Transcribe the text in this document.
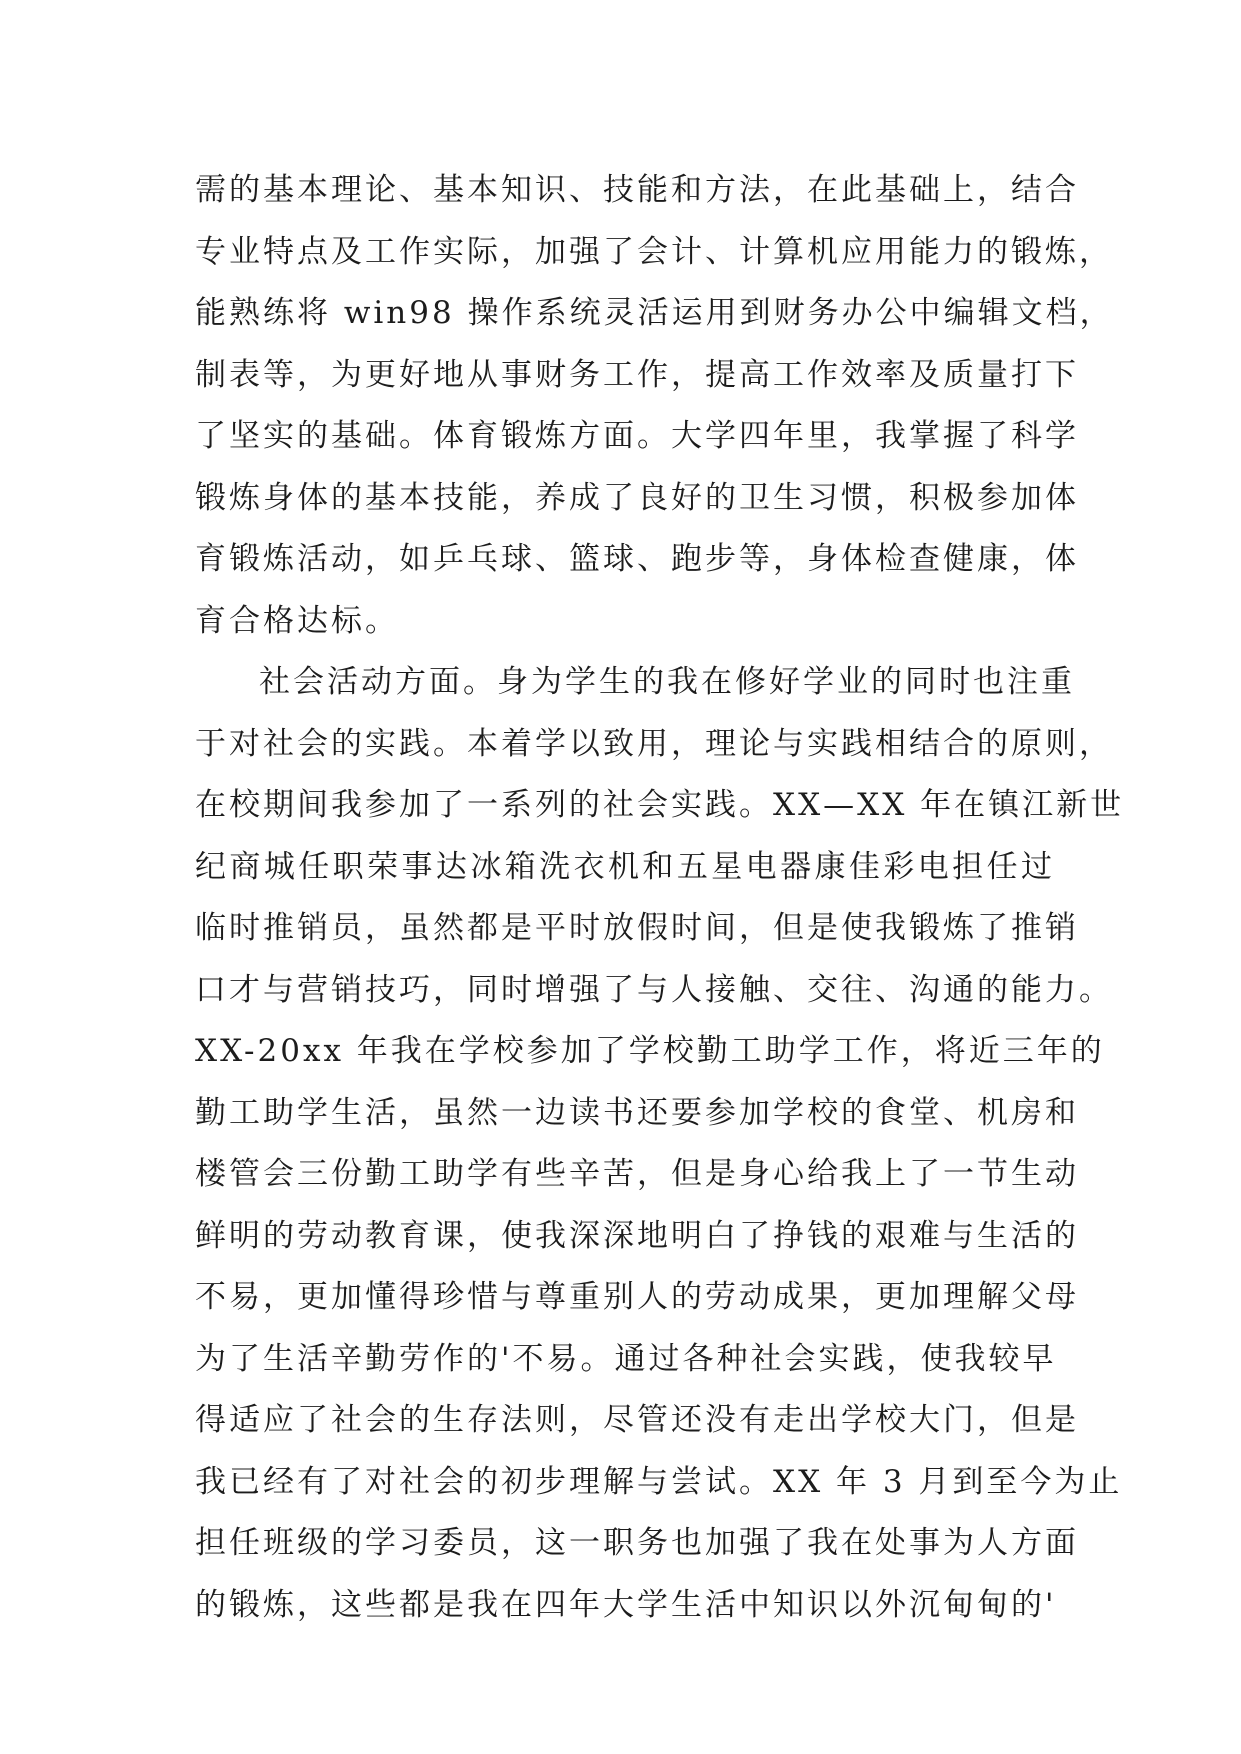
需的基本理论、基本知识、技能和方法，在此基础上，结合
专业特点及工作实际，加强了会计、计算机应用能力的锻炼，
能熟练将 win98 操作系统灵活运用到财务办公中编辑文档，
制表等，为更好地从事财务工作，提高工作效率及质量打下
了坚实的基础。体育锻炼方面。大学四年里，我掌握了科学
锻炼身体的基本技能，养成了良好的卫生习惯，积极参加体
育锻炼活动，如乒乓球、篮球、跑步等，身体检查健康，体
育合格达标。
社会活动方面。身为学生的我在修好学业的同时也注重
于对社会的实践。本着学以致用，理论与实践相结合的原则，
在校期间我参加了一系列的社会实践。XX—XX 年在镇江新世
纪商城任职荣事达冰箱洗衣机和五星电器康佳彩电担任过
临时推销员，虽然都是平时放假时间，但是使我锻炼了推销
口才与营销技巧，同时增强了与人接触、交往、沟通的能力。
XX-20xx 年我在学校参加了学校勤工助学工作，将近三年的
勤工助学生活，虽然一边读书还要参加学校的食堂、机房和
楼管会三份勤工助学有些辛苦，但是身心给我上了一节生动
鲜明的劳动教育课，使我深深地明白了挣钱的艰难与生活的
不易，更加懂得珍惜与尊重别人的劳动成果，更加理解父母
为了生活辛勤劳作的'不易。通过各种社会实践，使我较早
得适应了社会的生存法则，尽管还没有走出学校大门，但是
我已经有了对社会的初步理解与尝试。XX 年 3 月到至今为止
担任班级的学习委员，这一职务也加强了我在处事为人方面
的锻炼，这些都是我在四年大学生活中知识以外沉甸甸的'
